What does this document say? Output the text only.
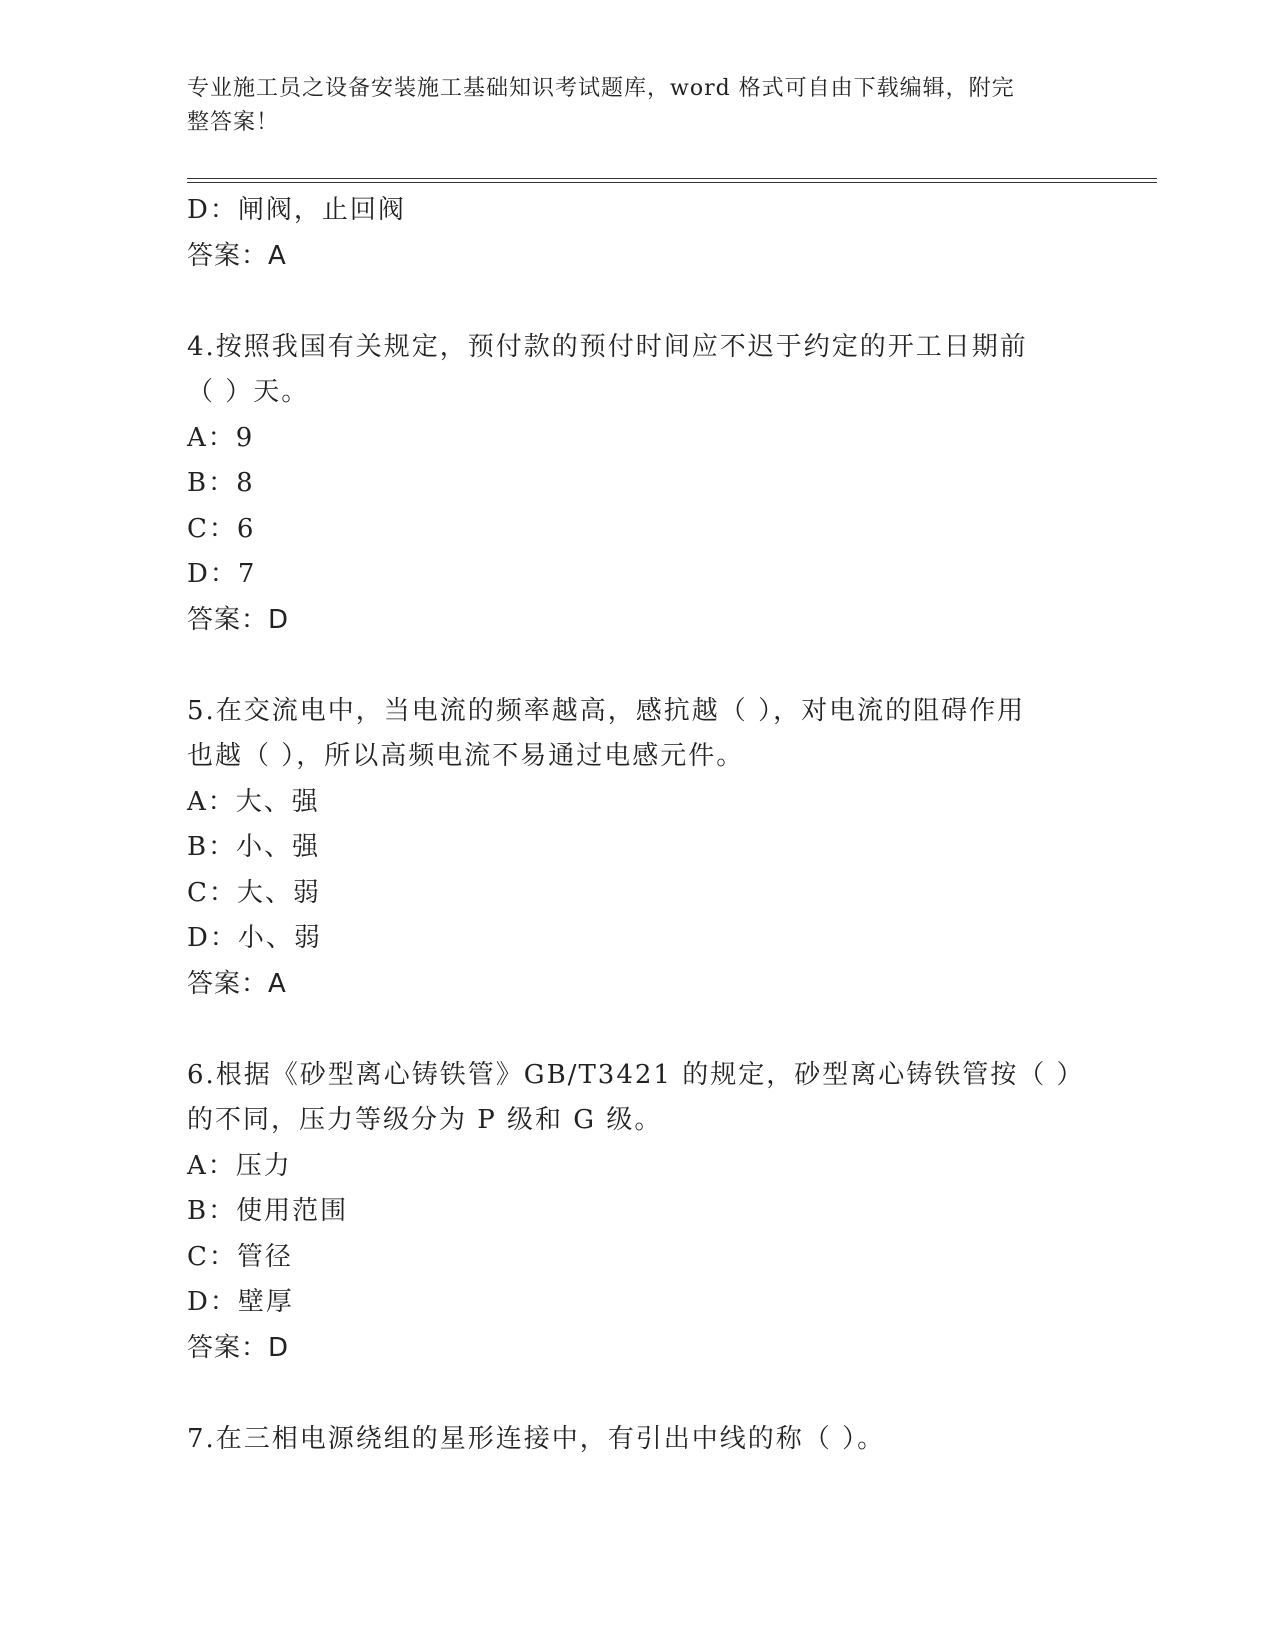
专业施工员之设备安装施工基础知识考试题库，word 格式可自由下载编辑，附完
整答案！
D：闸阀，止回阀
答案：A
4.按照我国有关规定，预付款的预付时间应不迟于约定的开工日期前
（ ）天。
A：9
B：8
C：6
D：7
答案：D
5.在交流电中，当电流的频率越高，感抗越（ ），对电流的阻碍作用
也越（ ），所以高频电流不易通过电感元件。
A：大、强
B：小、强
C：大、弱
D：小、弱
答案：A
6.根据《砂型离心铸铁管》GB/T3421 的规定，砂型离心铸铁管按（ ）
的不同，压力等级分为 P 级和 G 级。
A：压力
B：使用范围
C：管径
D：壁厚
答案：D
7.在三相电源绕组的星形连接中，有引出中线的称（ ）。
